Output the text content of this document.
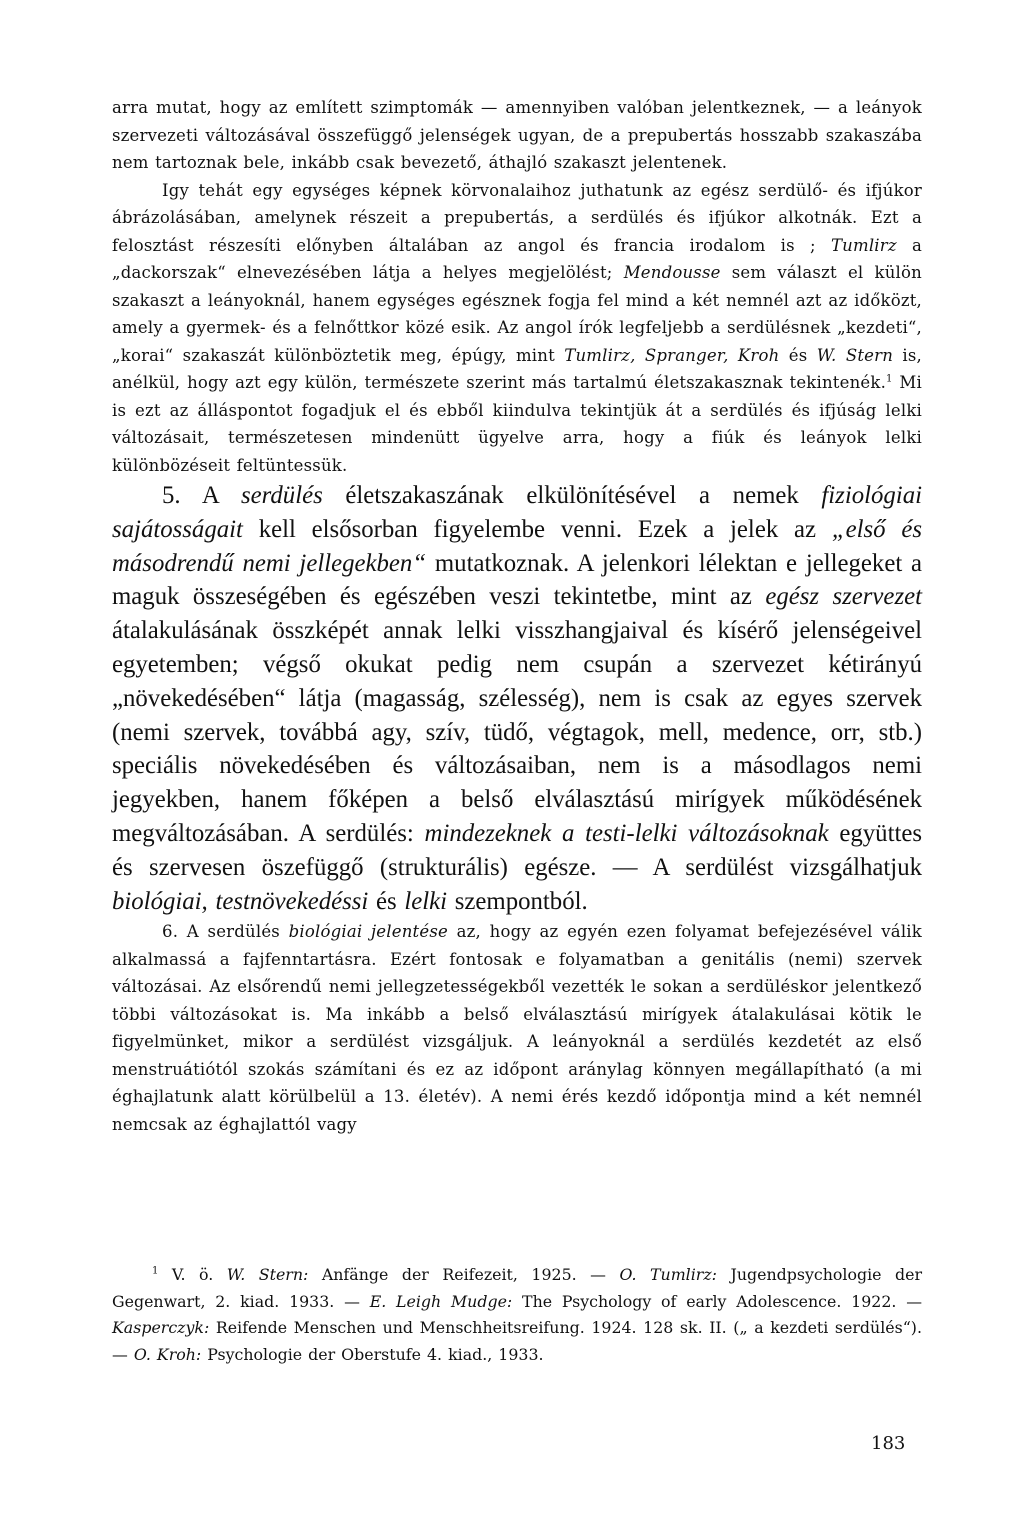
arra mutat, hogy az említett szimptomák — amennyiben valóban jelentkeznek, — a leányok szervezeti változásával összefüggő jelenségek ugyan, de a prepubertás hosszabb szakaszába nem tartoznak bele, inkább csak bevezető, áthajló szakaszt jelentenek.

Igy tehát egy egységes képnek körvonalaihoz juthatunk az egész serdülő- és ifjúkor ábrázolásában, amelynek részeit a prepubertás, a serdülés és ifjúkor alkotnák. Ezt a felosztást részesíti előnyben általában az angol és francia irodalom is ; Tumlirz a „dackorszak“ elnevezésében látja a helyes megjelölést; Mendousse sem választ el külön szakaszt a leányoknál, hanem egységes egésznek fogja fel mind a két nemnél azt az időközt, amely a gyermek- és a felnőttkor közé esik. Az angol írók legfeljebb a serdülésnek „kezdeti“, „korai“ szakaszát különböztetik meg, épúgy, mint Tumlirz, Spranger, Kroh és W. Stern is, anélkül, hogy azt egy külön, természete szerint más tartalmú életszakasznak tekintenék.$^1$ Mi is ezt az álláspontot fogadjuk el és ebből kiindulva tekintjük át a serdülés és ifjúság lelki változásait, természetesen mindenütt ügyelve arra, hogy a fiúk és leányok lelki különbözéseit feltüntessük.

5. A serdülés életszakaszának elkülönítésével a nemek fiziológiai sajátosságait kell elsősorban figyelembe venni. Ezek a jelek az „első és másodrendű nemi jellegekben“ mutatkoznak. A jelenkori lélektan e jellegeket a maguk összeségében és egészében veszi tekintetbe, mint az egész szervezet átalakulásának összképét annak lelki visszhangjaival és kísérő jelenségeivel egyetemben; végső okukat pedig nem csupán a szervezet kétirányú „növekedésében“ látja (magasság, szélesség), nem is csak az egyes szervek (nemi szervek, továbbá agy, szív, tüdő, végtagok, mell, medence, orr, stb.) speciális növekedésében és változásaiban, nem is a másodlagos nemi jegyekben, hanem főképen a belső elválasztású mirígyek működésének megváltozásában. A serdülés: mindezeknek a testi-lelki változásoknak együttes és szervesen öszefüggő (strukturális) egésze. — A serdülést vizsgálhatjuk biológiai, testnövekedéssi és lelki szempontból.

6. A serdülés biológiai jelentése az, hogy az egyén ezen folyamat befejezésével válik alkalmassá a fajfenntartásra. Ezért fontosak e folyamatban a genitális (nemi) szervek változásai. Az elsőrendű nemi jellegzetességekből vezették le sokan a serdüléskor jelentkező többi változásokat is. Ma inkább a belső elválasztású mirígyek átalakulásai kötik le figyelmünket, mikor a serdülést vizsgáljuk. A leányoknál a serdülés kezdetét az első menstruátiótól szokás számítani és ez az időpont aránylag könnyen megállapítható (a mi éghajlatunk alatt körülbelül a 13. életév). A nemi érés kezdő időpontja mind a két nemnél nemcsak az éghajlattól vagy

$^1$ V. ö. W. Stern: Anfänge der Reifezeit, 1925. — O. Tumlirz: Jugendpsychologie der Gegenwart, 2. kiad. 1933. — E. Leigh Mudge: The Psychology of early Adolescence. 1922. — Kasperczyk: Reifende Menschen und Menschheitsreifung. 1924. 128 sk. II. („ a kezdeti serdülés“). — O. Kroh: Psychologie der Oberstufe 4. kiad., 1933.

183
